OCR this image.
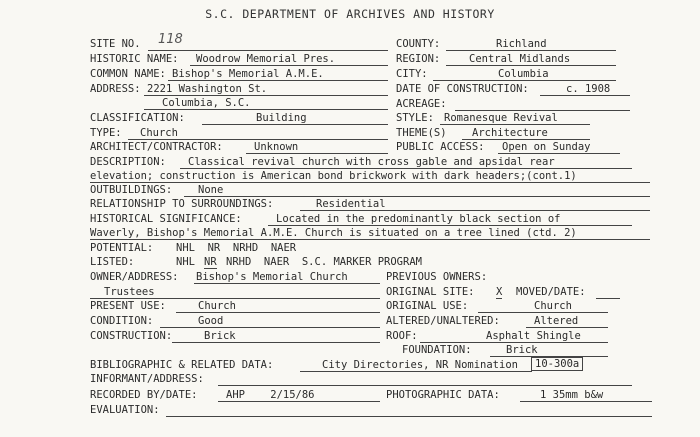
S.C. DEPARTMENT OF ARCHIVES AND HISTORY
SITE NO. 118	COUNTY:	Richland
HISTORIC NAME: Woodrow Memorial Pres.	REGION:	Central Midlands
COMMON NAME: Bishop's Memorial A.M.E.	CITY:	Columbia
ADDRESS: 2221 Washington St.	DATE OF CONSTRUCTION:	c. 1908
Columbia, S.C.	ACREAGE:
CLASSIFICATION:	Building	STYLE: Romanesque Revival
TYPE: Church	THEME(S) Architecture
ARCHITECT/CONTRACTOR:	Unknown	PUBLIC ACCESS: Open on Sunday
DESCRIPTION: Classical revival church with cross gable and apsidal rear
elevation; construction is American bond brickwork with dark headers;(cont.1)
OUTBUILDINGS: None
RELATIONSHIP TO SURROUNDINGS:	Residential
HISTORICAL SIGNIFICANCE:	Located in the predominantly black section of
Waverly, Bishop's Memorial A.M.E. Church is situated on a tree lined (ctd. 2)
POTENTIAL: NHL  NR  NRHD  NAER
LISTED:	NHL NR NRHD  NAER  S.C. MARKER PROGRAM
OWNER/ADDRESS: Bishop's Memorial Church	PREVIOUS OWNERS:
Trustees	ORIGINAL SITE: X MOVED/DATE:
PRESENT USE:	Church	ORIGINAL USE:	Church
CONDITION:	Good	ALTERED/UNALTERED:	Altered
CONSTRUCTION:	Brick	ROOF:	Asphalt Shingle
FOUNDATION:	Brick
BIBLIOGRAPHIC & RELATED DATA:	City Directories, NR Nomination	10-300a
INFORMANT/ADDRESS:
RECORDED BY/DATE:	AHP    2/15/86	PHOTOGRAPHIC DATA:	1 35mm b&w
EVALUATION:
